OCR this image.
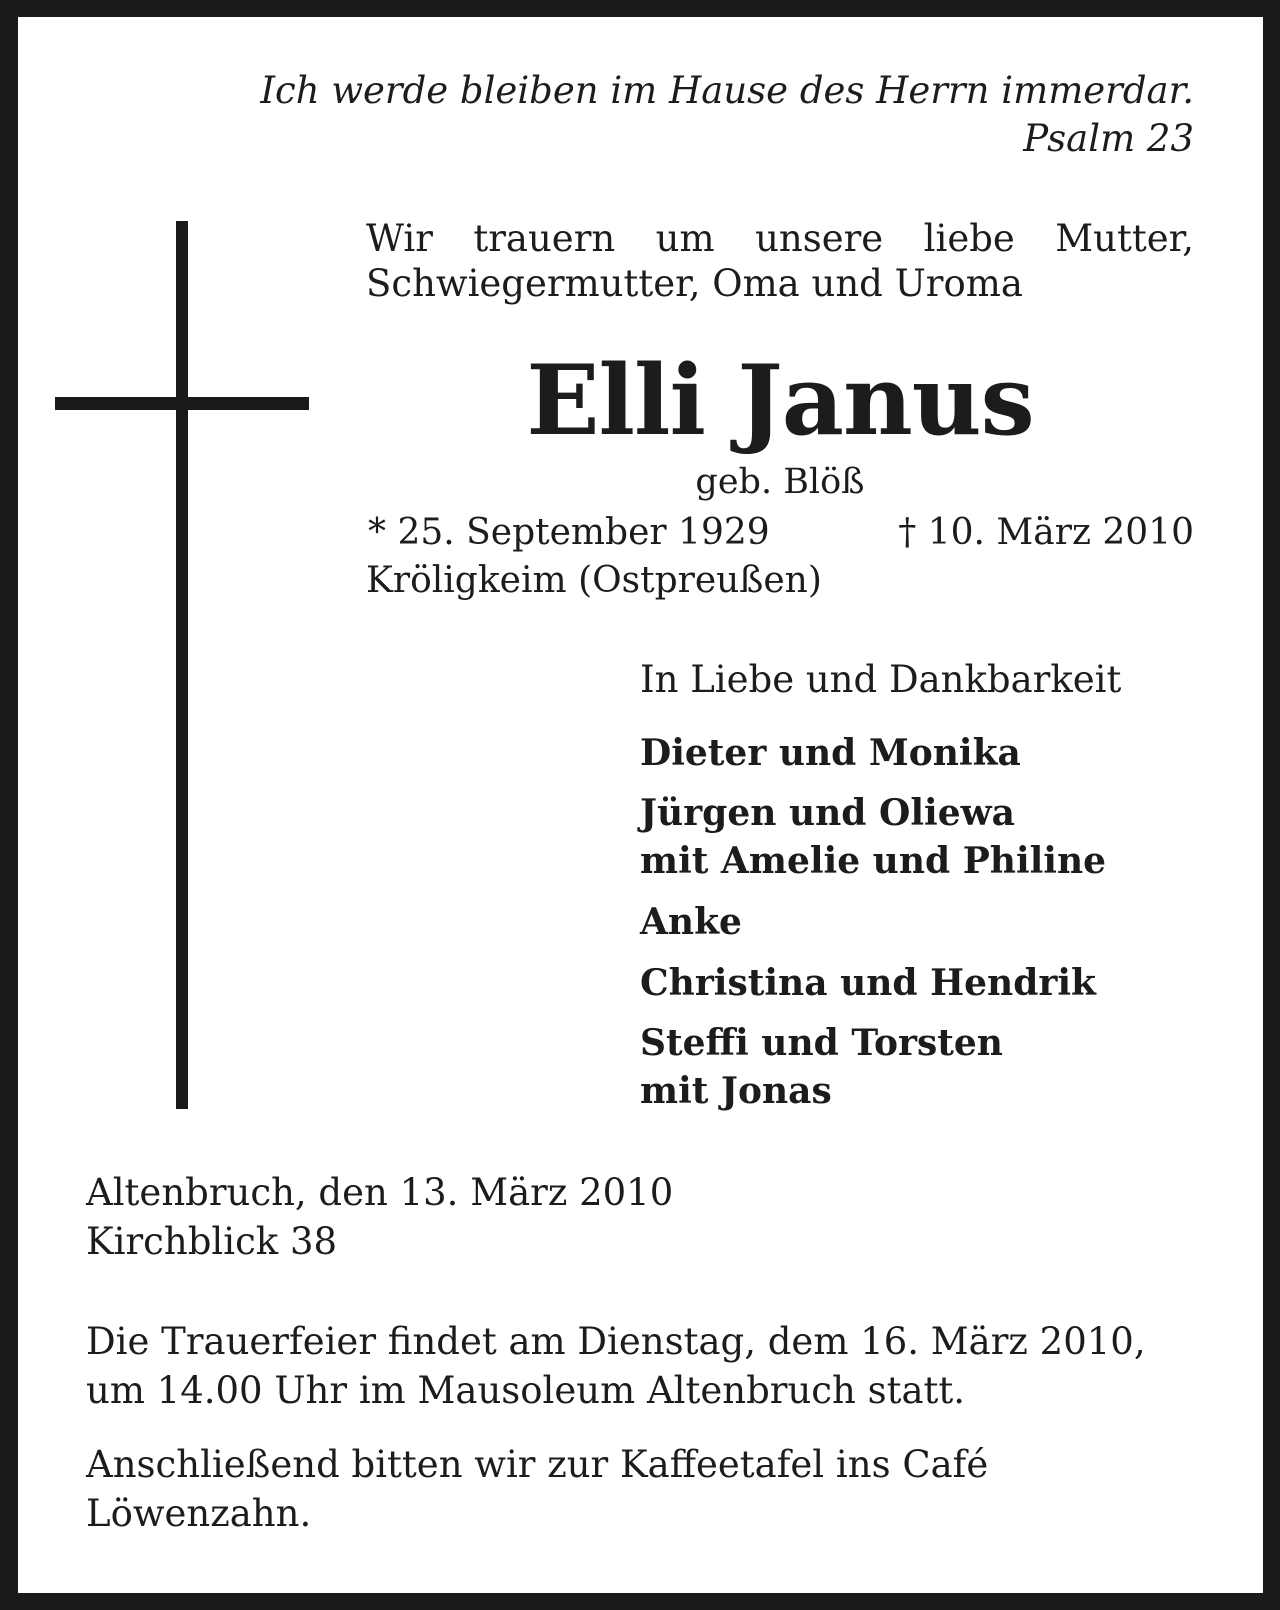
Ich werde bleiben im Hause des Herrn immerdar.
Psalm 23
Wir trauern um unsere liebe Mutter,
Schwiegermutter, Oma und Uroma
Elli Janus
geb. Blöß
* 25. September 1929	† 10. März 2010
Kröligkeim (Ostpreußen)
In Liebe und Dankbarkeit
Dieter und Monika
Jürgen und Oliewa
mit Amelie und Philine
Anke
Christina und Hendrik
Steffi und Torsten
mit Jonas
Altenbruch, den 13. März 2010
Kirchblick 38
Die Trauerfeier findet am Dienstag, dem 16. März 2010,
um 14.00 Uhr im Mausoleum Altenbruch statt.
Anschließend bitten wir zur Kaffeetafel ins Café
Löwenzahn.
